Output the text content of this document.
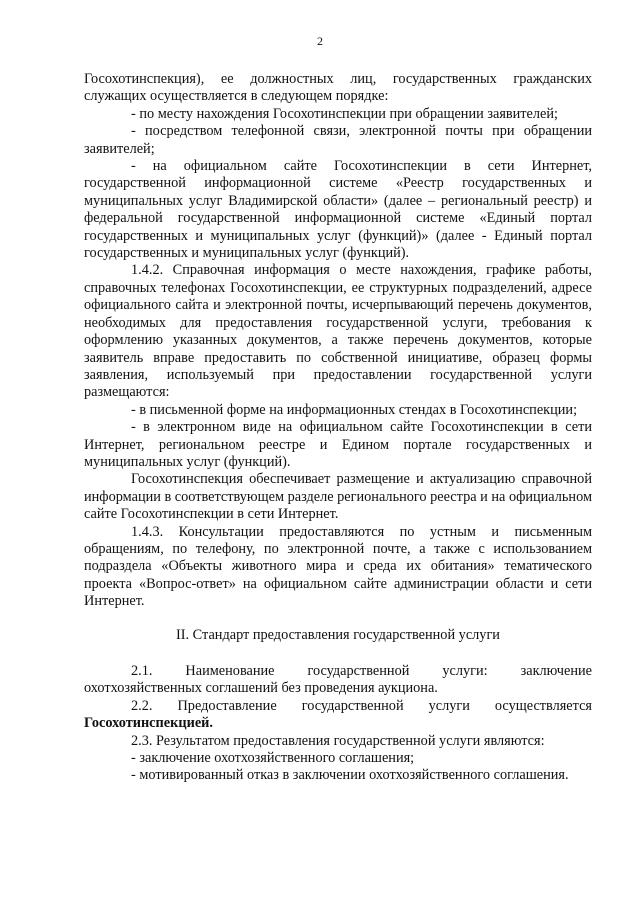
2

Госохотинспекция), ее должностных лиц, государственных гражданских служащих осуществляется в следующем порядке:

- по месту нахождения Госохотинспекции при обращении заявителей;

- посредством телефонной связи, электронной почты при обращении заявителей;

- на официальном сайте Госохотинспекции в сети Интернет, государственной информационной системе «Реестр государственных и муниципальных услуг Владимирской области» (далее – региональный реестр) и федеральной государственной информационной системе «Единый портал государственных и муниципальных услуг (функций)» (далее - Единый портал государственных и муниципальных услуг (функций).

1.4.2. Справочная информация о месте нахождения, графике работы, справочных телефонах Госохотинспекции, ее структурных подразделений, адресе официального сайта и электронной почты, исчерпывающий перечень документов, необходимых для предоставления государственной услуги, требования к оформлению указанных документов, а также перечень документов, которые заявитель вправе предоставить по собственной инициативе, образец формы заявления, используемый при предоставлении государственной услуги размещаются:

- в письменной форме на информационных стендах в Госохотинспекции;

- в электронном виде на официальном сайте Госохотинспекции в сети Интернет, региональном реестре и Едином портале государственных и муниципальных услуг (функций).

Госохотинспекция обеспечивает размещение и актуализацию справочной информации в соответствующем разделе регионального реестра и на официальном сайте Госохотинспекции в сети Интернет.

1.4.3. Консультации предоставляются по устным и письменным обращениям, по телефону, по электронной почте, а также с использованием подраздела «Объекты животного мира и среда их обитания» тематического проекта «Вопрос-ответ» на официальном сайте администрации области и сети Интернет.

II. Стандарт предоставления государственной услуги

2.1. Наименование государственной услуги: заключение охотхозяйственных соглашений без проведения аукциона.

2.2. Предоставление государственной услуги осуществляется Госохотинспекцией.

2.3. Результатом предоставления государственной услуги являются:

- заключение охотхозяйственного соглашения;

- мотивированный отказ в заключении охотхозяйственного соглашения.
